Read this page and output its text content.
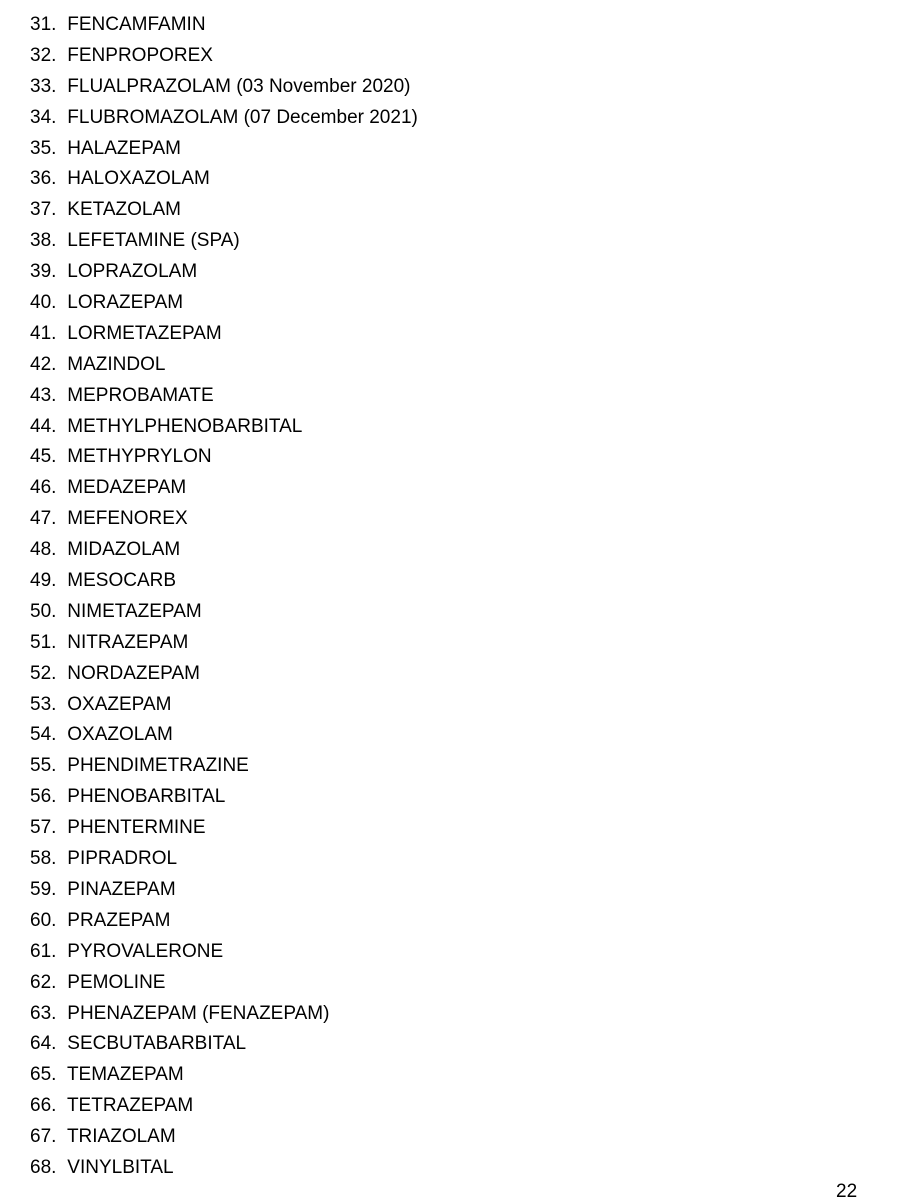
31. FENCAMFAMIN
32. FENPROPOREX
33. FLUALPRAZOLAM (03 November 2020)
34. FLUBROMAZOLAM (07 December 2021)
35. HALAZEPAM
36. HALOXAZOLAM
37. KETAZOLAM
38. LEFETAMINE (SPA)
39. LOPRAZOLAM
40. LORAZEPAM
41. LORMETAZEPAM
42. MAZINDOL
43. MEPROBAMATE
44. METHYLPHENOBARBITAL
45. METHYPRYLON
46. MEDAZEPAM
47. MEFENOREX
48. MIDAZOLAM
49. MESOCARB
50. NIMETAZEPAM
51. NITRAZEPAM
52. NORDAZEPAM
53. OXAZEPAM
54. OXAZOLAM
55. PHENDIMETRAZINE
56. PHENOBARBITAL
57. PHENTERMINE
58. PIPRADROL
59. PINAZEPAM
60. PRAZEPAM
61. PYROVALERONE
62. PEMOLINE
63. PHENAZEPAM (FENAZEPAM)
64. SECBUTABARBITAL
65. TEMAZEPAM
66. TETRAZEPAM
67. TRIAZOLAM
68. VINYLBITAL
22
